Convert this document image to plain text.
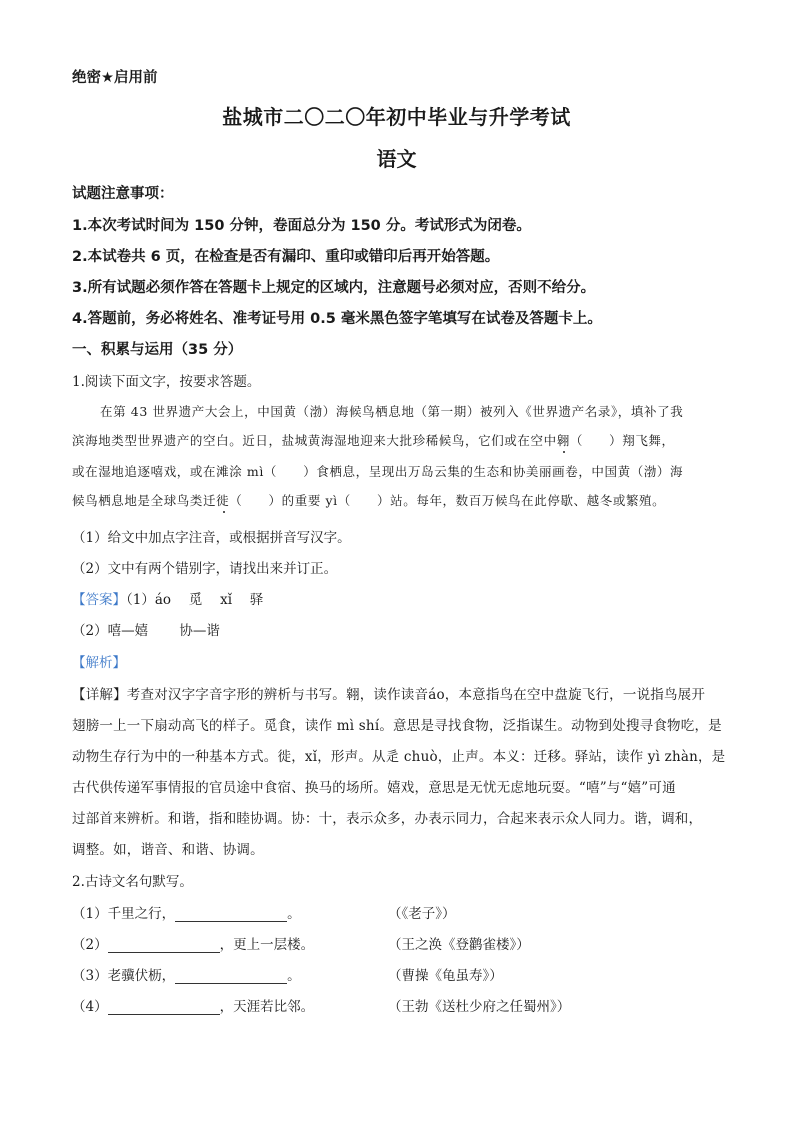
绝密★启用前
盐城市二〇二〇年初中毕业与升学考试
语文
试题注意事项：
1.本次考试时间为 150 分钟，卷面总分为 150 分。考试形式为闭卷。
2.本试卷共 6 页，在检查是否有漏印、重印或错印后再开始答题。
3.所有试题必须作答在答题卡上规定的区域内，注意题号必须对应，否则不给分。
4.答题前，务必将姓名、准考证号用 0.5 毫米黑色签字笔填写在试卷及答题卡上。
一、积累与运用（35 分）
1.阅读下面文字，按要求答题。
在第 43 世界遗产大会上，中国黄（渤）海候鸟栖息地（第一期）被列入《世界遗产名录》，填补了我
滨海地类型世界遗产的空白。近日，盐城黄海湿地迎来大批珍稀候鸟，它们或在空中翱（　　）翔飞舞，
或在湿地追逐嘻戏，或在滩涂 mì（　　）食栖息，呈现出万岛云集的生态和协美丽画卷，中国黄（渤）海
候鸟栖息地是全球鸟类迁徙（　　）的重要 yì（　　）站。每年，数百万候鸟在此停歇、越冬或繁殖。
（1）给文中加点字注音，或根据拼音写汉字。
（2）文中有两个错别字，请找出来并订正。
【答案】（1）áo　 觅　 xǐ　 驿
（2）嘻—嬉　　 协—谐
【解析】
【详解】考查对汉字字音字形的辨析与书写。翱，读作读音áo，本意指鸟在空中盘旋飞行，一说指鸟展开
翅膀一上一下扇动高飞的样子。觅食，读作 mì shí。意思是寻找食物，泛指谋生。动物到处搜寻食物吃，是
动物生存行为中的一种基本方式。徙，xǐ，形声。从辵 chuò，止声。本义：迁移。驿站，读作 yì zhàn，是
古代供传递军事情报的官员途中食宿、换马的场所。嬉戏，意思是无忧无虑地玩耍。“嘻”与“嬉”可通
过部首来辨析。和谐，指和睦协调。协：十，表示众多，办表示同力，合起来表示众人同力。谐，调和，
调整。如，谐音、和谐、协调。
2.古诗文名句默写。
（1）千里之行，	。	（《老子》）
（2）	，更上一层楼。	（王之涣《登鹳雀楼》）
（3）老骥伏枥，	。	（曹操《龟虽寿》）
（4）	，天涯若比邻。	（王勃《送杜少府之任蜀州》）
